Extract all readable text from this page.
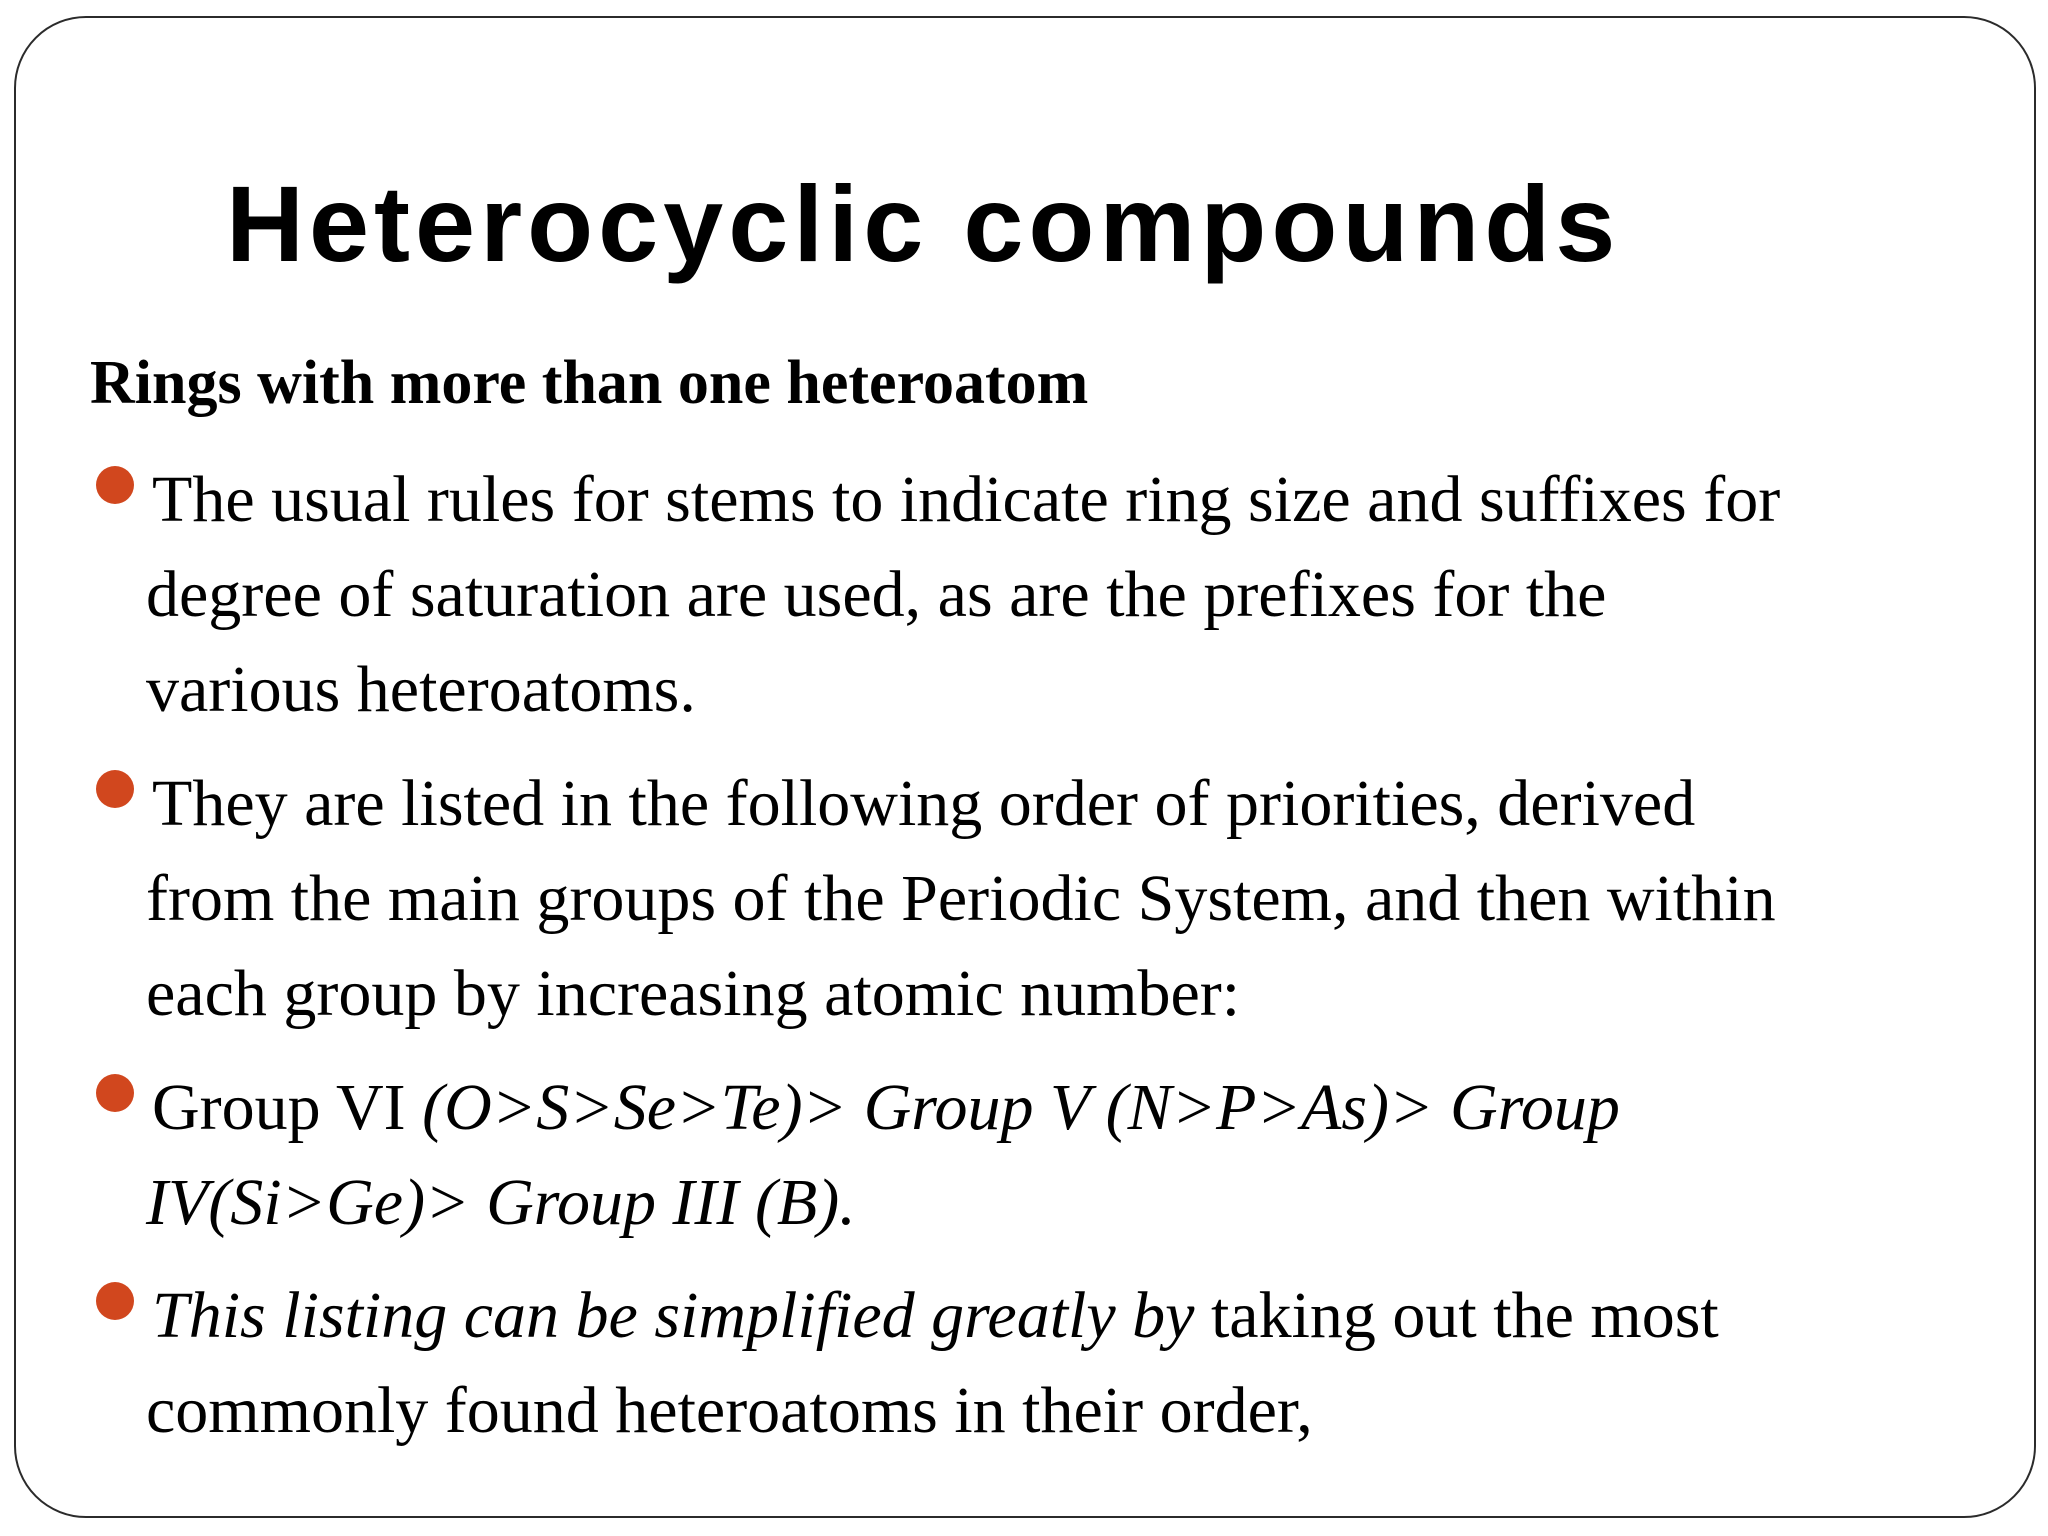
Heterocyclic compounds
Rings with more than one heteroatom

The usual rules for stems to indicate ring size and suffixes for
degree of saturation are used, as are the prefixes for the
various heteroatoms.

They are listed in the following order of priorities, derived
from the main groups of the Periodic System, and then within
each group by increasing atomic number:

Group VI (O>S>Se>Te)> Group V (N>P>As)> Group
IV(Si>Ge)> Group III (B).

This listing can be simplified greatly by taking out the most
commonly found heteroatoms in their order,
